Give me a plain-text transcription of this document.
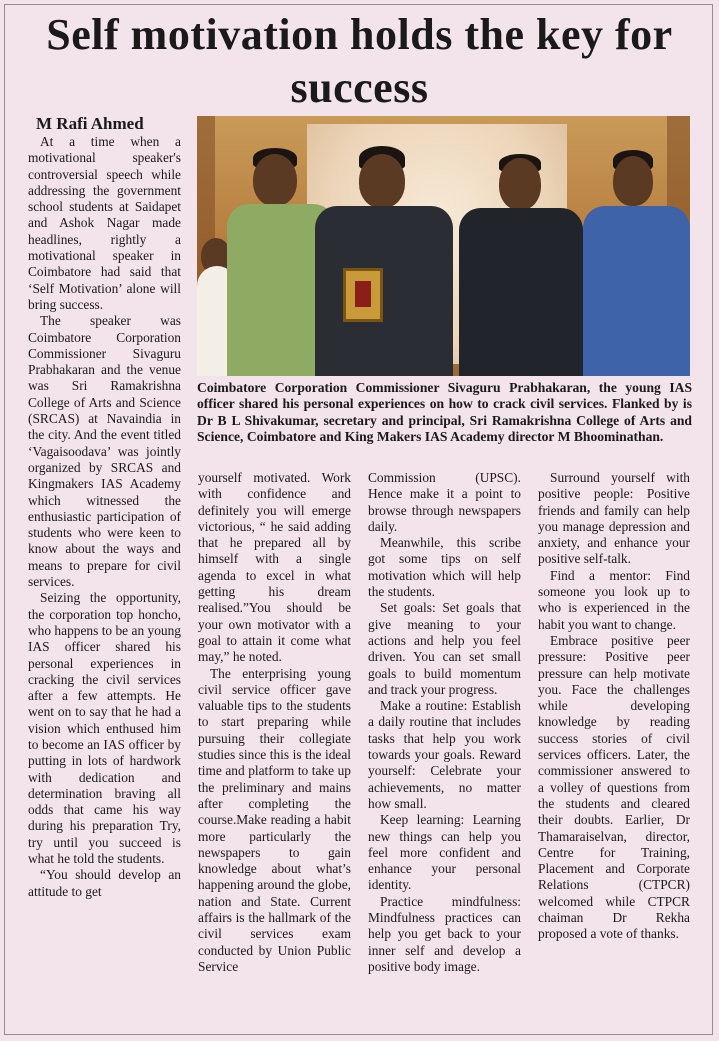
Self motivation holds the key for success
M Rafi Ahmed

At a time when a motivational speaker's controversial speech while addressing the government school students at Saidapet and Ashok Nagar made headlines, rightly a motivational speaker in Coimbatore had said that ‘Self Motivation’ alone will bring success.

The speaker was Coimbatore Corporation Commissioner Sivaguru Prabhakaran and the venue was Sri Ramakrishna College of Arts and Science (SRCAS) at Navaindia in the city. And the event titled ‘Vagaisoodava’ was jointly organized by SRCAS and Kingmakers IAS Academy which witnessed the enthusiastic participation of students who were keen to know about the ways and means to prepare for civil services.

Seizing the opportunity, the corporation top honcho, who happens to be an young IAS officer shared his personal experiences in cracking the civil services after a few attempts. He went on to say that he had a vision which enthused him to become an IAS officer by putting in lots of hardwork with dedication and determination braving all odds that came his way during his preparation Try, try until you succeed is what he told the students.

“You should develop an attitude to get

Coimbatore Corporation Commissioner Sivaguru Prabhakaran, the young IAS officer shared his personal experiences on how to crack civil services. Flanked by is Dr B L Shivakumar, secretary and principal, Sri Ramakrishna College of Arts and Science, Coimbatore and King Makers IAS Academy director M Bhoominathan.

yourself motivated. Work with confidence and definitely you will emerge victorious, “ he said adding that he prepared all by himself with a single agenda to excel in what getting his dream realised.”You should be your own motivator with a goal to attain it come what may,” he noted.

The enterprising young civil service officer gave valuable tips to the students to start preparing while pursuing their collegiate studies since this is the ideal time and platform to take up the preliminary and mains after completing the course.Make reading a habit more particularly the newspapers to gain knowledge about what’s happening around the globe, nation and State. Current affairs is the hallmark of the civil services exam conducted by Union Public Service

Commission (UPSC). Hence make it a point to browse through newspapers daily.

Meanwhile, this scribe got some tips on self motivation which will help the students.

Set goals: Set goals that give meaning to your actions and help you feel driven. You can set small goals to build momentum and track your progress.

Make a routine: Establish a daily routine that includes tasks that help you work towards your goals. Reward yourself: Celebrate your achievements, no matter how small.

Keep learning: Learning new things can help you feel more confident and enhance your personal identity.

Practice mindfulness: Mindfulness practices can help you get back to your inner self and develop a positive body image.

Surround yourself with positive people: Positive friends and family can help you manage depression and anxiety, and enhance your positive self-talk.

Find a mentor: Find someone you look up to who is experienced in the habit you want to change.

Embrace positive peer pressure: Positive peer pressure can help motivate you. Face the challenges while developing knowledge by reading success stories of civil services officers. Later, the commissioner answered to a volley of questions from the students and cleared their doubts. Earlier, Dr Thamaraiselvan, director, Centre for Training, Placement and Corporate Relations (CTPCR) welcomed while CTPCR chaiman Dr Rekha proposed a vote of thanks.
